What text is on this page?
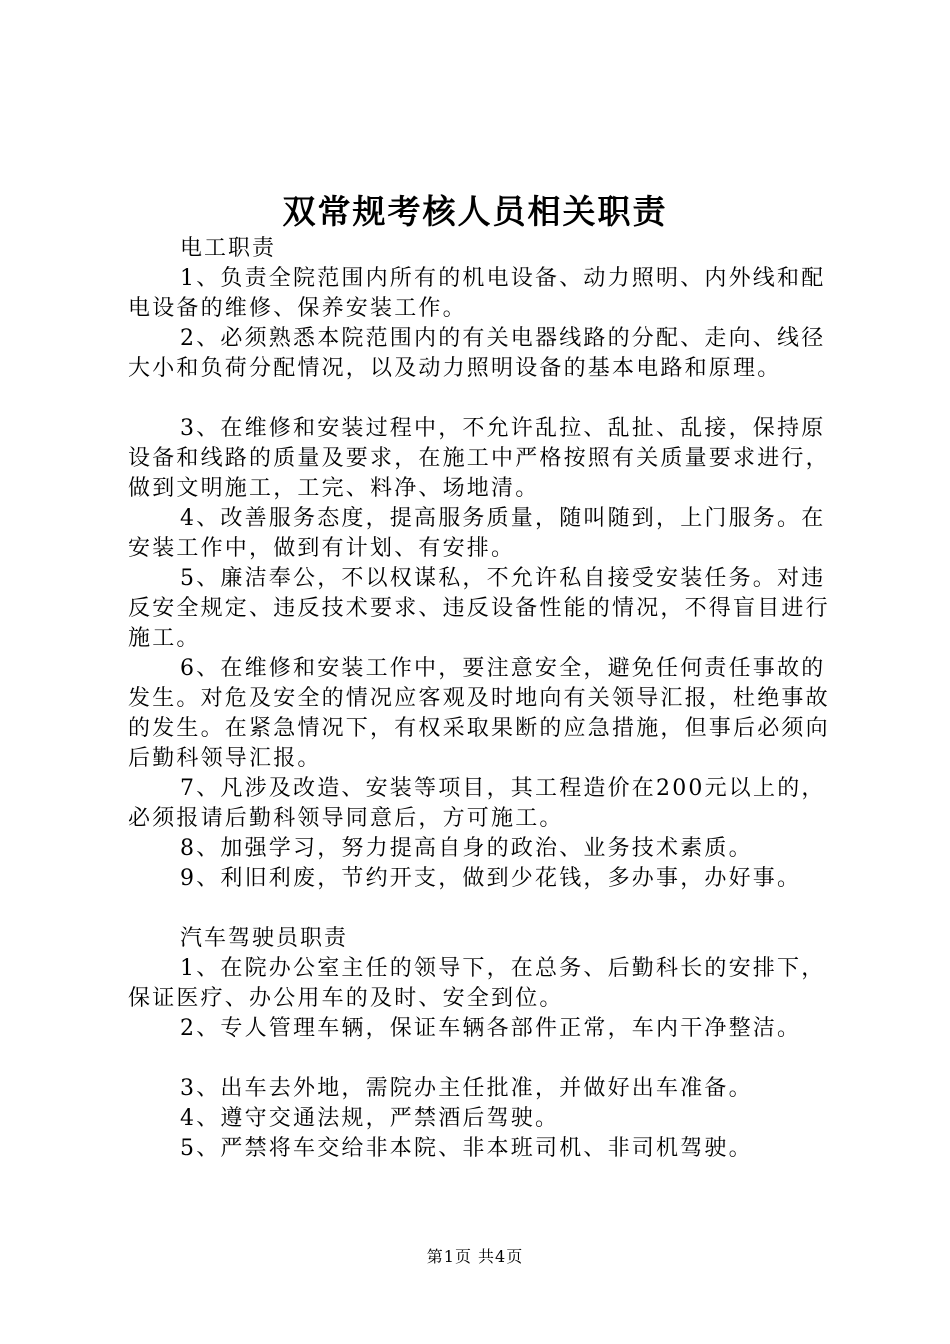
双常规考核人员相关职责

电工职责

1、负责全院范围内所有的机电设备、动力照明、内外线和配电设备的维修、保养安装工作。

2、必须熟悉本院范围内的有关电器线路的分配、走向、线径大小和负荷分配情况，以及动力照明设备的基本电路和原理。

3、在维修和安装过程中，不允许乱拉、乱扯、乱接，保持原设备和线路的质量及要求，在施工中严格按照有关质量要求进行，做到文明施工，工完、料净、场地清。

4、改善服务态度，提高服务质量，随叫随到，上门服务。在安装工作中，做到有计划、有安排。

5、廉洁奉公，不以权谋私，不允许私自接受安装任务。对违反安全规定、违反技术要求、违反设备性能的情况，不得盲目进行施工。

6、在维修和安装工作中，要注意安全，避免任何责任事故的发生。对危及安全的情况应客观及时地向有关领导汇报，杜绝事故的发生。在紧急情况下，有权采取果断的应急措施，但事后必须向后勤科领导汇报。

7、凡涉及改造、安装等项目，其工程造价在200元以上的，必须报请后勤科领导同意后，方可施工。

8、加强学习，努力提高自身的政治、业务技术素质。

9、利旧利废，节约开支，做到少花钱，多办事，办好事。

汽车驾驶员职责

1、在院办公室主任的领导下，在总务、后勤科长的安排下，保证医疗、办公用车的及时、安全到位。

2、专人管理车辆，保证车辆各部件正常，车内干净整洁。

3、出车去外地，需院办主任批准，并做好出车准备。

4、遵守交通法规，严禁酒后驾驶。

5、严禁将车交给非本院、非本班司机、非司机驾驶。

第1页 共4页
